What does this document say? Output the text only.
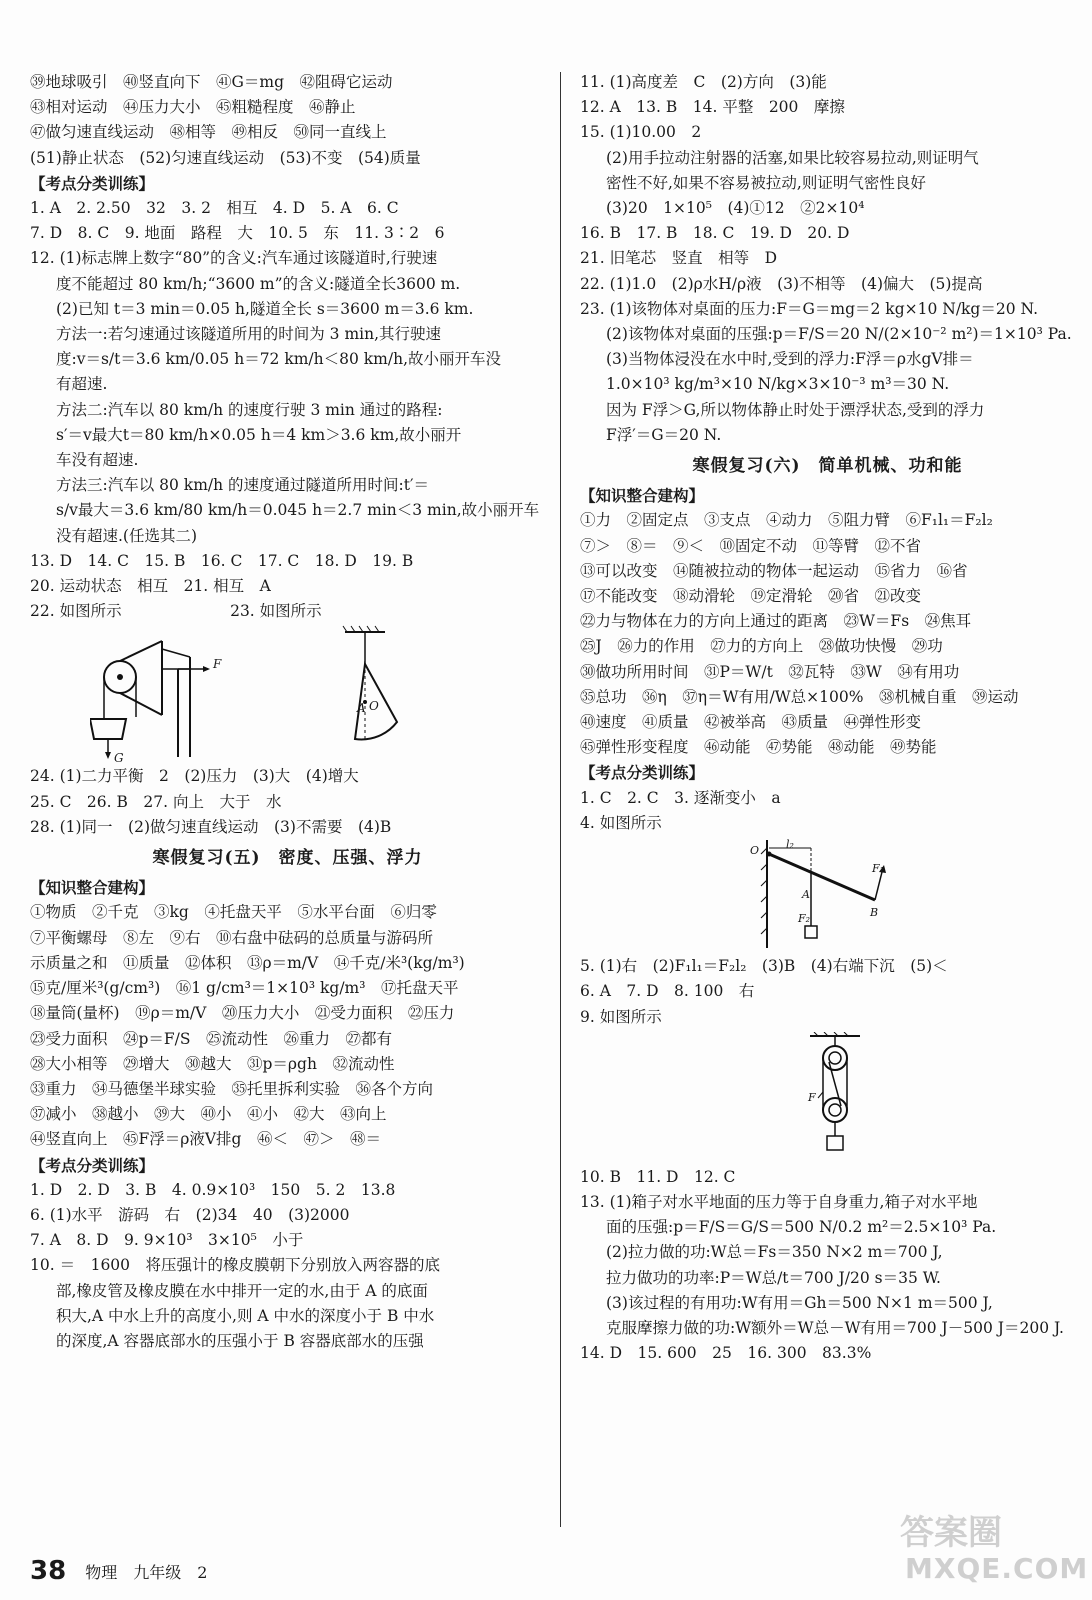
㊴地球吸引　㊵竖直向下　㊶G＝mg　㊷阻碍它运动
㊸相对运动　㊹压力大小　㊺粗糙程度　㊻静止
㊼做匀速直线运动　㊽相等　㊾相反　㊿同一直线上
(51)静止状态　(52)匀速直线运动　(53)不变　(54)质量
【考点分类训练】
1. A　2. 2.50　32　3. 2　相互　4. D　5. A　6. C
7. D　8. C　9. 地面　路程　大　10. 5　东　11. 3∶2　6
12. (1)标志牌上数字“80”的含义:汽车通过该隧道时,行驶速
度不能超过 80 km/h;“3600 m”的含义:隧道全长3600 m.
(2)已知 t＝3 min＝0.05 h,隧道全长 s＝3600 m＝3.6 km.
方法一:若匀速通过该隧道所用的时间为 3 min,其行驶速
度:v＝s/t＝3.6 km/0.05 h＝72 km/h＜80 km/h,故小丽开车没
有超速.
方法二:汽车以 80 km/h 的速度行驶 3 min 通过的路程:
s′＝v最大t＝80 km/h×0.05 h＝4 km＞3.6 km,故小丽开
车没有超速.
方法三:汽车以 80 km/h 的速度通过隧道所用时间:t′＝
s/v最大＝3.6 km/80 km/h＝0.045 h＝2.7 min＜3 min,故小丽开车
没有超速.(任选其二)
13. D　14. C　15. B　16. C　17. C　18. D　19. B
20. 运动状态　相互　21. 相互　A
22. 如图所示　　　　　　　23. 如图所示
F
G
A O
24. (1)二力平衡　2　(2)压力　(3)大　(4)增大
25. C　26. B　27. 向上　大于　水
28. (1)同一　(2)做匀速直线运动　(3)不需要　(4)B
寒假复习(五)　密度、压强、浮力
【知识整合建构】
①物质　②千克　③kg　④托盘天平　⑤水平台面　⑥归零
⑦平衡螺母　⑧左　⑨右　⑩右盘中砝码的总质量与游码所
示质量之和　⑪质量　⑫体积　⑬ρ＝m/V　⑭千克/米³(kg/m³)
⑮克/厘米³(g/cm³)　⑯1 g/cm³＝1×10³ kg/m³　⑰托盘天平
⑱量筒(量杯)　⑲ρ＝m/V　⑳压力大小　㉑受力面积　㉒压力
㉓受力面积　㉔p＝F/S　㉕流动性　㉖重力　㉗都有
㉘大小相等　㉙增大　㉚越大　㉛p＝ρgh　㉜流动性
㉝重力　㉞马德堡半球实验　㉟托里拆利实验　㊱各个方向
㊲减小　㊳越小　㊴大　㊵小　㊶小　㊷大　㊸向上
㊹竖直向上　㊺F浮＝ρ液V排g　㊻＜　㊼＞　㊽＝
【考点分类训练】
1. D　2. D　3. B　4. 0.9×10³　150　5. 2　13.8
6. (1)水平　游码　右　(2)34　40　(3)2000
7. A　8. D　9. 9×10³　3×10⁵　小于
10. ＝　1600　将压强计的橡皮膜朝下分别放入两容器的底
部,橡皮管及橡皮膜在水中排开一定的水,由于 A 的底面
积大,A 中水上升的高度小,则 A 中水的深度小于 B 中水
的深度,A 容器底部水的压强小于 B 容器底部水的压强
11. (1)高度差　C　(2)方向　(3)能
12. A　13. B　14. 平整　200　摩擦
15. (1)10.00　2
(2)用手拉动注射器的活塞,如果比较容易拉动,则证明气
密性不好,如果不容易被拉动,则证明气密性良好
(3)20　1×10⁵　(4)①12　②2×10⁴
16. B　17. B　18. C　19. D　20. D
21. 旧笔芯　竖直　相等　D
22. (1)1.0　(2)ρ水H/ρ液　(3)不相等　(4)偏大　(5)提高
23. (1)该物体对桌面的压力:F＝G＝mg＝2 kg×10 N/kg＝20 N.
(2)该物体对桌面的压强:p＝F/S＝20 N/(2×10⁻² m²)＝1×10³ Pa.
(3)当物体浸没在水中时,受到的浮力:F浮＝ρ水gV排＝
1.0×10³ kg/m³×10 N/kg×3×10⁻³ m³＝30 N.
因为 F浮＞G,所以物体静止时处于漂浮状态,受到的浮力
F浮′＝G＝20 N.
寒假复习(六)　简单机械、功和能
【知识整合建构】
①力　②固定点　③支点　④动力　⑤阻力臂　⑥F₁l₁＝F₂l₂
⑦＞　⑧＝　⑨＜　⑩固定不动　⑪等臂　⑫不省
⑬可以改变　⑭随被拉动的物体一起运动　⑮省力　⑯省
⑰不能改变　⑱动滑轮　⑲定滑轮　⑳省　㉑改变
㉒力与物体在力的方向上通过的距离　㉓W＝Fs　㉔焦耳
㉕J　㉖力的作用　㉗力的方向上　㉘做功快慢　㉙功
㉚做功所用时间　㉛P＝W/t　㉜瓦特　㉝W　㉞有用功
㉟总功　㊱η　㊲η＝W有用/W总×100%　㊳机械自重　㊴运动
㊵速度　㊶质量　㊷被举高　㊸质量　㊹弹性形变
㊺弹性形变程度　㊻动能　㊼势能　㊽动能　㊾势能
【考点分类训练】
1. C　2. C　3. 逐渐变小　a
4. 如图所示
O l₂
F₁
A
F₂	B
5. (1)右　(2)F₁l₁＝F₂l₂　(3)B　(4)右端下沉　(5)＜
6. A　7. D　8. 100　右
9. 如图所示
F
10. B　11. D　12. C
13. (1)箱子对水平地面的压力等于自身重力,箱子对水平地
面的压强:p＝F/S＝G/S＝500 N/0.2 m²＝2.5×10³ Pa.
(2)拉力做的功:W总＝Fs＝350 N×2 m＝700 J,
拉力做功的功率:P＝W总/t＝700 J/20 s＝35 W.
(3)该过程的有用功:W有用＝Gh＝500 N×1 m＝500 J,
克服摩擦力做的功:W额外＝W总－W有用＝700 J－500 J＝200 J.
14. D　15. 600　25　16. 300　83.3%
38 物理　九年级　2
答案圈
MXQE.COM
